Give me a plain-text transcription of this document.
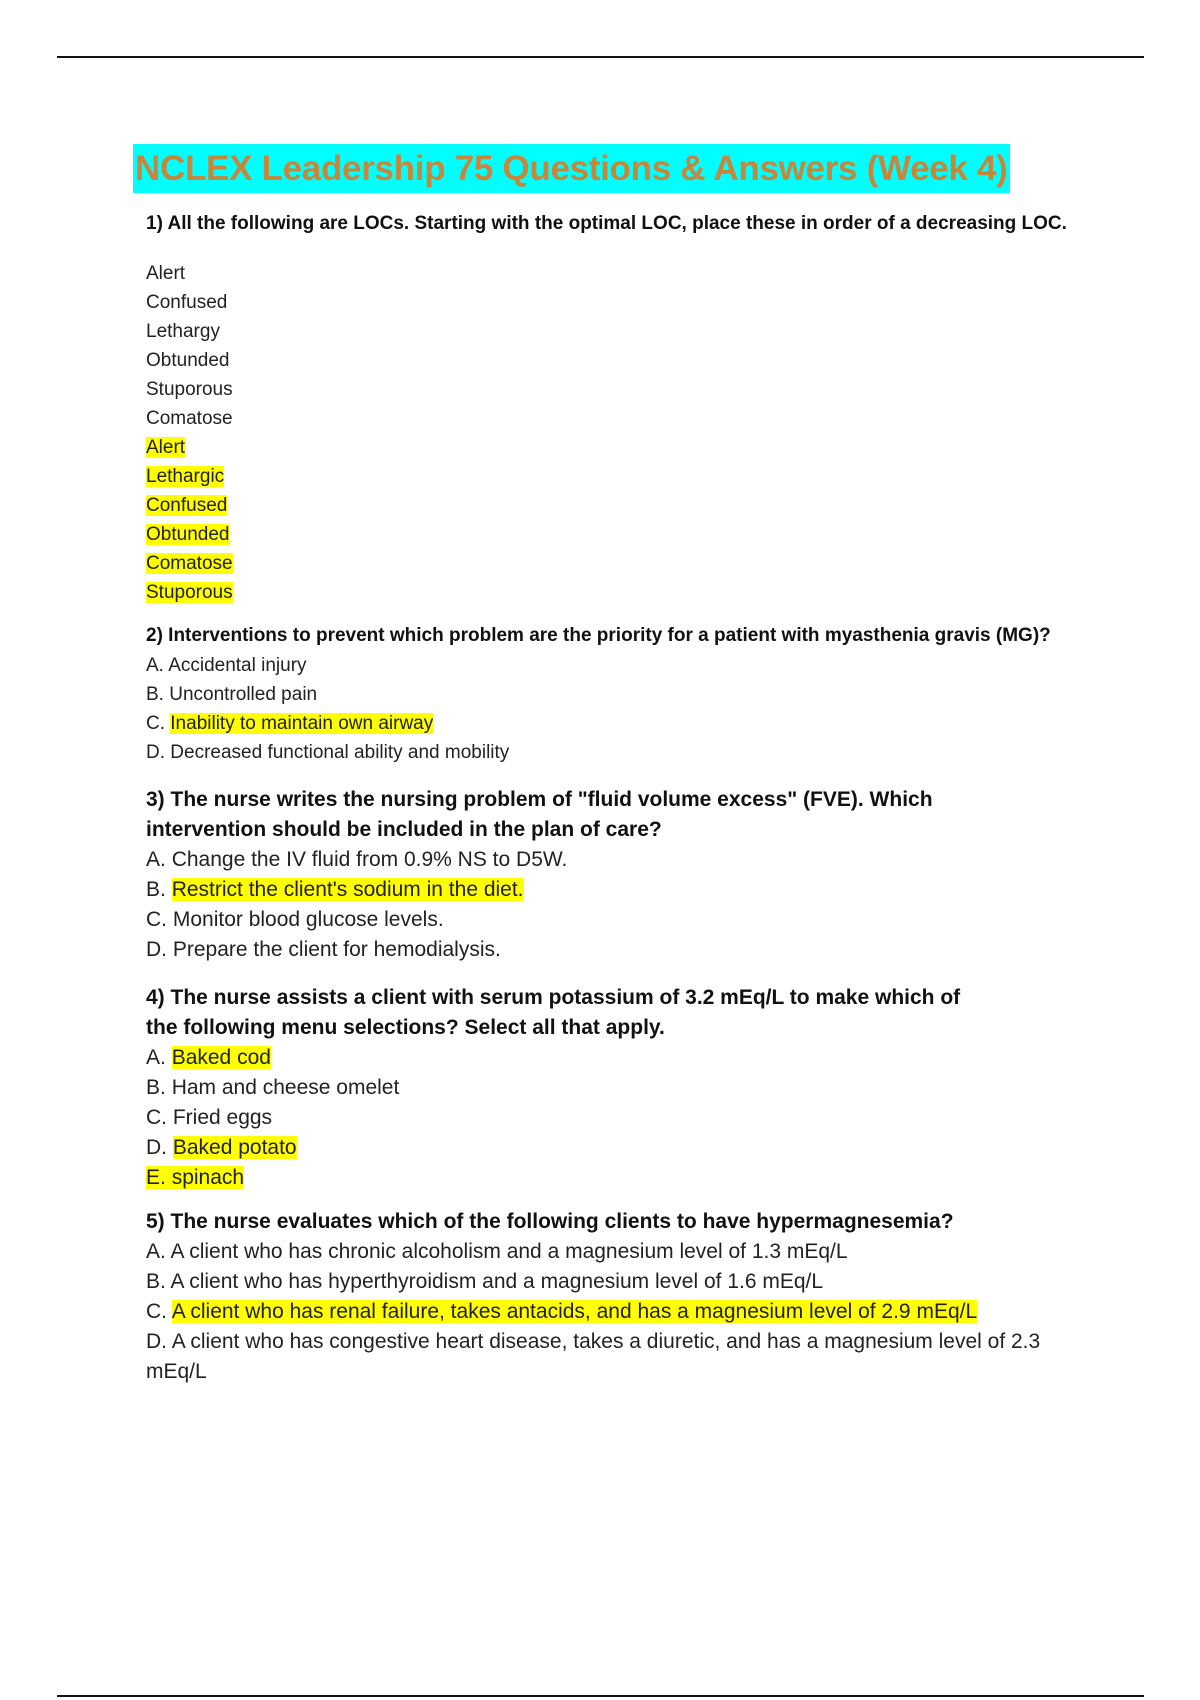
NCLEX Leadership 75 Questions & Answers (Week 4)
1) All the following are LOCs. Starting with the optimal LOC, place these in order of a decreasing LOC.
Alert
Confused
Lethargy
Obtunded
Stuporous
Comatose
Alert
Lethargic
Confused
Obtunded
Comatose
Stuporous
2) Interventions to prevent which problem are the priority for a patient with myasthenia gravis (MG)?
A. Accidental injury
B. Uncontrolled pain
C. Inability to maintain own airway
D. Decreased functional ability and mobility
3) The nurse writes the nursing problem of "fluid volume excess" (FVE). Which intervention should be included in the plan of care?
A. Change the IV fluid from 0.9% NS to D5W.
B. Restrict the client's sodium in the diet.
C. Monitor blood glucose levels.
D. Prepare the client for hemodialysis.
4) The nurse assists a client with serum potassium of 3.2 mEq/L to make which of the following menu selections? Select all that apply.
A. Baked cod
B. Ham and cheese omelet
C. Fried eggs
D. Baked potato
E. spinach
5) The nurse evaluates which of the following clients to have hypermagnesemia?
A. A client who has chronic alcoholism and a magnesium level of 1.3 mEq/L
B. A client who has hyperthyroidism and a magnesium level of 1.6 mEq/L
C. A client who has renal failure, takes antacids, and has a magnesium level of 2.9 mEq/L
D. A client who has congestive heart disease, takes a diuretic, and has a magnesium level of 2.3 mEq/L
